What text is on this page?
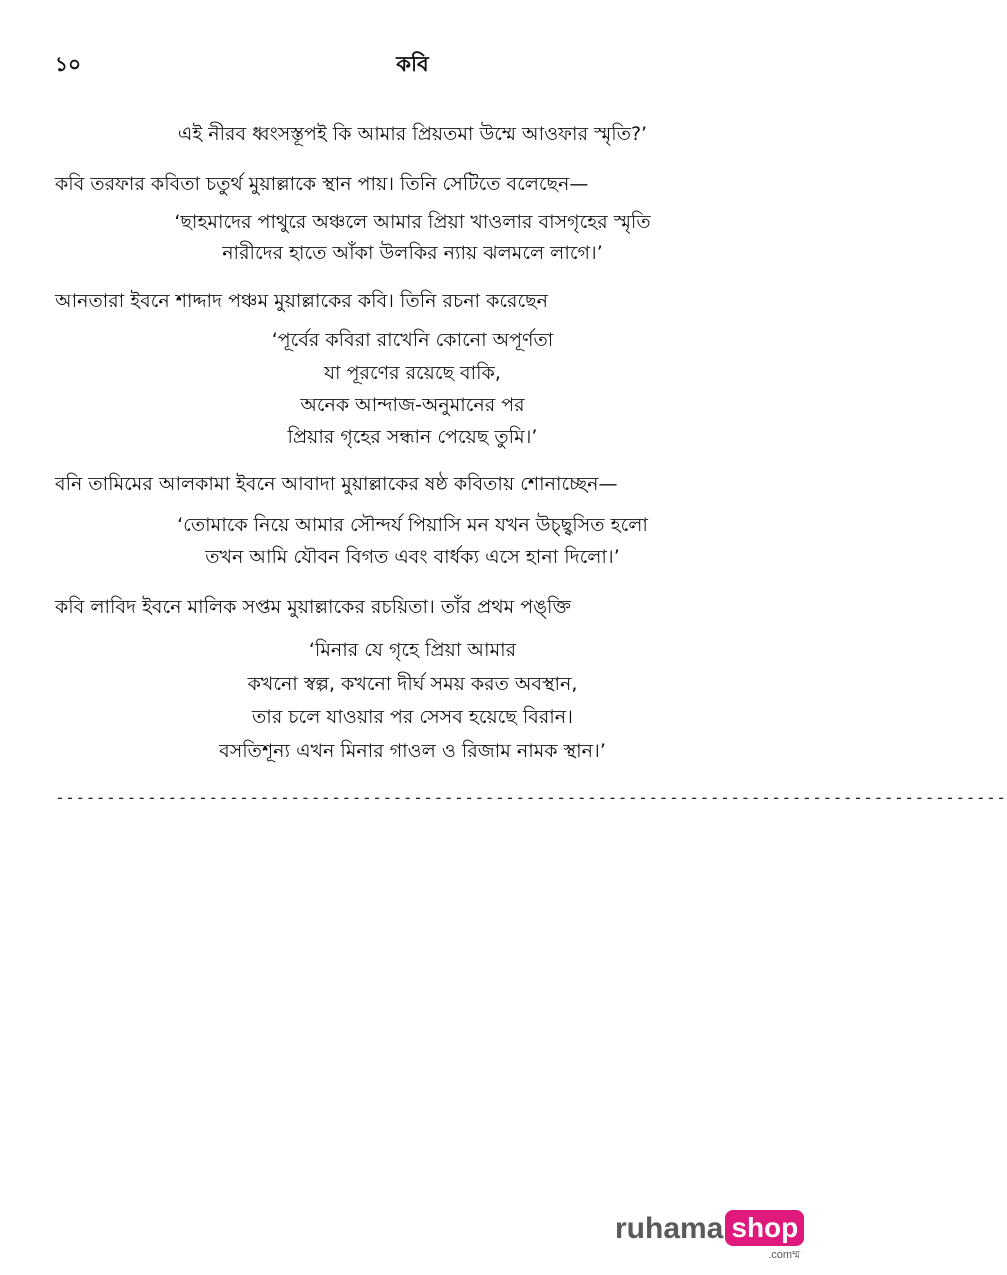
১০	কবি
এই নীরব ধ্বংসস্তূপই কি আমার প্রিয়তমা উম্মে আওফার স্মৃতি?’
কবি তরফার কবিতা চতুর্থ মুয়াল্লাকে স্থান পায়। তিনি সেটিতে বলেছেন—
‘ছাহমাদের পাথুরে অঞ্চলে আমার প্রিয়া খাওলার বাসগৃহের স্মৃতি
নারীদের হাতে আঁকা উলকির ন্যায় ঝলমলে লাগে।’
আনতারা ইবনে শাদ্দাদ পঞ্চম মুয়াল্লাকের কবি। তিনি রচনা করেছেন
‘পূর্বের কবিরা রাখেনি কোনো অপূর্ণতা
যা পূরণের রয়েছে বাকি,
অনেক আন্দাজ-অনুমানের পর
প্রিয়ার গৃহের সন্ধান পেয়েছ তুমি।’
বনি তামিমের আলকামা ইবনে আবাদা মুয়াল্লাকের ষষ্ঠ কবিতায় শোনাচ্ছেন—
‘তোমাকে নিয়ে আমার সৌন্দর্য পিয়াসি মন যখন উচ্ছ্বসিত হলো
তখন আমি যৌবন বিগত এবং বার্ধক্য এসে হানা দিলো।’
কবি লাবিদ ইবনে মালিক সপ্তম মুয়াল্লাকের রচয়িতা। তাঁর প্রথম পঙ্‌ক্তি
‘মিনার যে গৃহে প্রিয়া আমার
কখনো স্বল্প, কখনো দীর্ঘ সময় করত অবস্থান,
তার চলে যাওয়ার পর সেসব হয়েছে বিরান।
বসতিশূন্য এখন মিনার গাওল ও রিজাম নামক স্থান।’
---------------------------------------------------------------------------------------------
ruhama shop
.comম্ম
